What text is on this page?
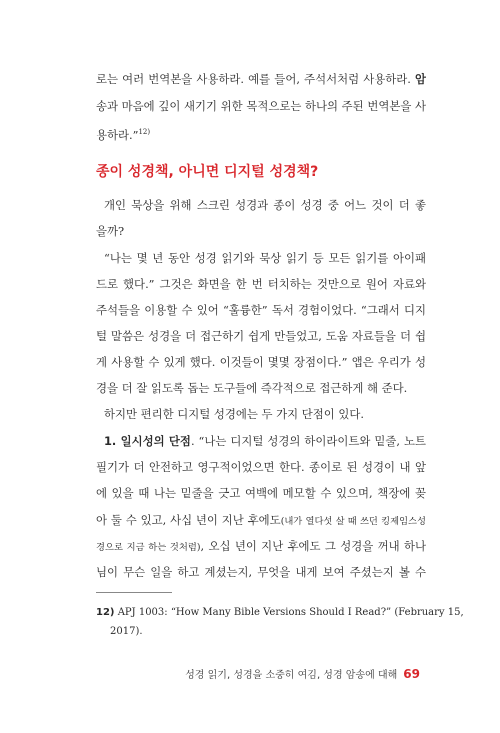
로는 여러 번역본을 사용하라. 예를 들어, 주석서처럼 사용하라. 암
송과 마음에 깊이 새기기 위한 목적으로는 하나의 주된 번역본을 사
용하라.”$^{12)}$
종이 성경책, 아니면 디지털 성경책?
개인 묵상을 위해 스크린 성경과 종이 성경 중 어느 것이 더 좋
을까?
“나는 몇 년 동안 성경 읽기와 묵상 읽기 등 모든 읽기를 아이패
드로 했다.” 그것은 화면을 한 번 터치하는 것만으로 원어 자료와
주석들을 이용할 수 있어 “훌륭한” 독서 경험이었다. “그래서 디지
털 말씀은 성경을 더 접근하기 쉽게 만들었고, 도움 자료들을 더 쉽
게 사용할 수 있게 했다. 이것들이 몇몇 장점이다.” 앱은 우리가 성
경을 더 잘 읽도록 돕는 도구들에 즉각적으로 접근하게 해 준다.
하지만 편리한 디지털 성경에는 두 가지 단점이 있다.
1. 일시성의 단점. “나는 디지털 성경의 하이라이트와 밑줄, 노트
필기가 더 안전하고 영구적이었으면 한다. 종이로 된 성경이 내 앞
에 있을 때 나는 밑줄을 긋고 여백에 메모할 수 있으며, 책장에 꽂
아 둘 수 있고, 사십 년이 지난 후에도(내가 열다섯 살 때 쓰던 킹제임스성
경으로 지금 하는 것처럼), 오십 년이 지난 후에도 그 성경을 꺼내 하나
님이 무슨 일을 하고 계셨는지, 무엇을 내게 보여 주셨는지 볼 수
12) APJ 1003: “How Many Bible Versions Should I Read?” (February 15,
2017).
성경 읽기, 성경을 소중히 여김, 성경 암송에 대해 69
